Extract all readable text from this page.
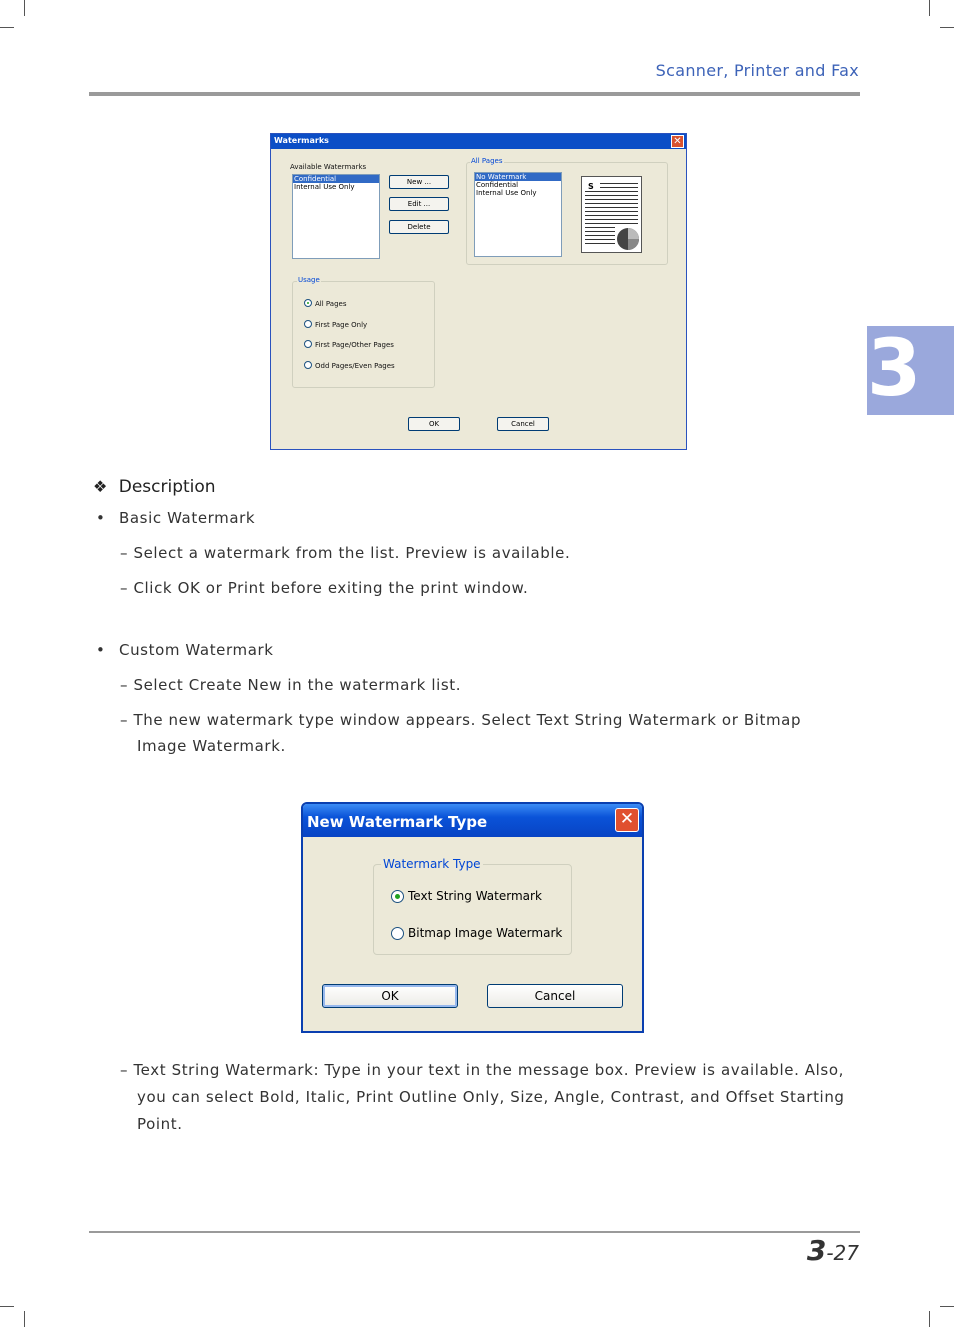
Scanner, Printer and Fax
3
Watermarks	✕
Available Watermarks
Confidential
Internal Use Only
New ...
Edit ...
Delete
All Pages
No Watermark
Confidential
Internal Use Only
S
Usage
All Pages
First Page Only
First Page/Other Pages
Odd Pages/Even Pages
OK	Cancel
❖ Description
• Basic Watermark
– Select a watermark from the list. Preview is available.
– Click OK or Print before exiting the print window.
• Custom Watermark
– Select Create New in the watermark list.
– The new watermark type window appears. Select Text String Watermark or Bitmap Image Watermark.
New Watermark Type	✕
Watermark Type
Text String Watermark
Bitmap Image Watermark
OK	Cancel
– Text String Watermark: Type in your text in the message box. Preview is available. Also, you can select Bold, Italic, Print Outline Only, Size, Angle, Contrast, and Offset Starting Point.
3-27
